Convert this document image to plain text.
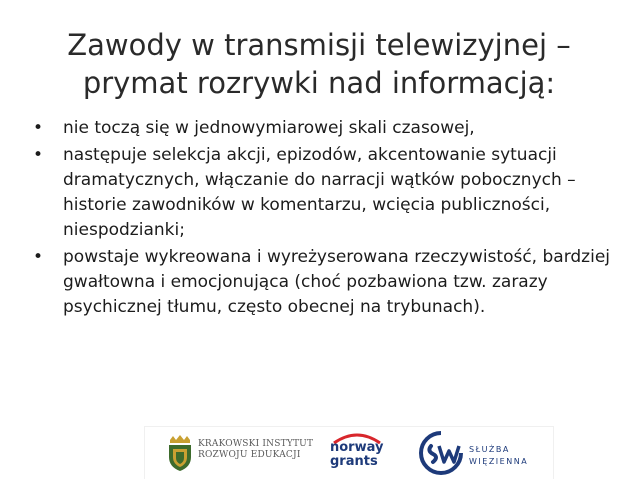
Zawody w transmisji telewizyjnej –
prymat rozrywki nad informacją:
• nie toczą się w jednowymiarowej skali czasowej,
• następuje selekcja akcji, epizodów, akcentowanie sytuacji dramatycznych, włączanie do narracji wątków pobocznych – historie zawodników w komentarzu, wcięcia publiczności, niespodzianki;
• powstaje wykreowana i wyreżyserowana rzeczywistość, bardziej gwałtowna i emocjonująca (choć pozbawiona tzw. zarazy psychicznej tłumu, często obecnej na trybunach).
KRAKOWSKI INSTYTUT
ROZWOJU EDUKACJI	norway
grants
SŁUŻBA
WIĘZIENNA
